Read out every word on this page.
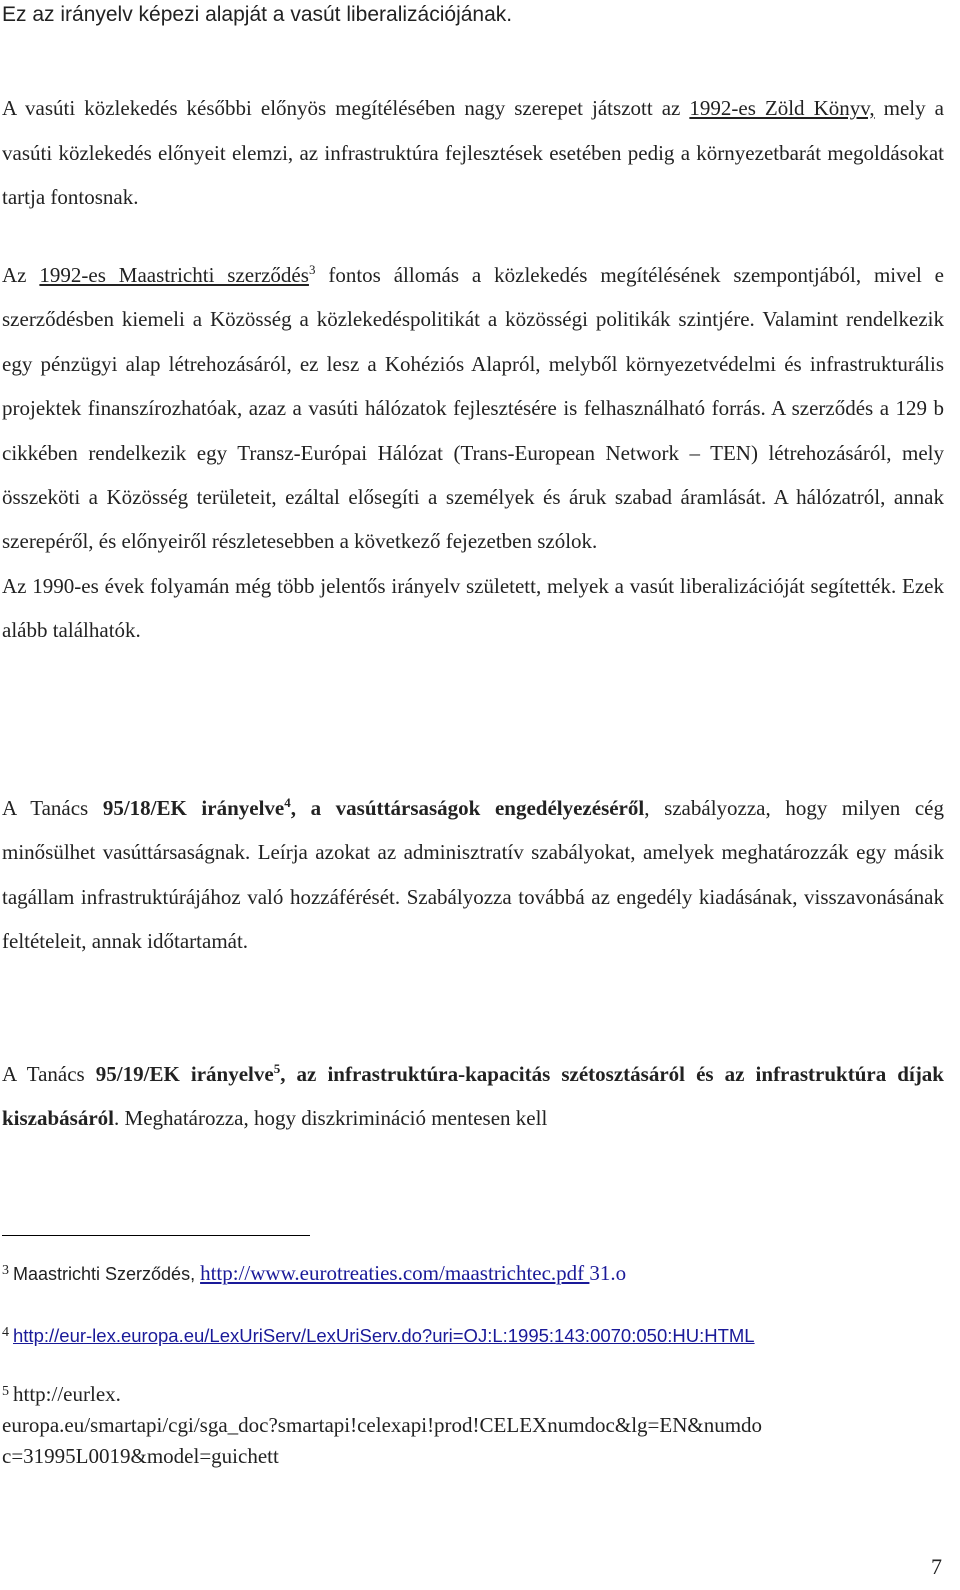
Ez az irányelv képezi alapját a vasút liberalizációjának.

A vasúti közlekedés későbbi előnyös megítélésében nagy szerepet játszott az 1992-es Zöld Könyv, mely a vasúti közlekedés előnyeit elemzi, az infrastruktúra fejlesztések esetében pedig a környezetbarát megoldásokat tartja fontosnak.

Az 1992-es Maastrichti szerződés$^3$ fontos állomás a közlekedés megítélésének szempontjából, mivel e szerződésben kiemeli a Közösség a közlekedéspolitikát a közösségi politikák szintjére. Valamint rendelkezik egy pénzügyi alap létrehozásáról, ez lesz a Kohéziós Alapról, melyből környezetvédelmi és infrastrukturális projektek finanszírozhatóak, azaz a vasúti hálózatok fejlesztésére is felhasználható forrás. A szerződés a 129 b cikkében rendelkezik egy Transz-Európai Hálózat (Trans-European Network – TEN) létrehozásáról, mely összeköti a Közösség területeit, ezáltal elősegíti a személyek és áruk szabad áramlását. A hálózatról, annak szerepéről, és előnyeiről részletesebben a következő fejezetben szólok.
Az 1990-es évek folyamán még több jelentős irányelv született, melyek a vasút liberalizációját segítették. Ezek alább találhatók.

A Tanács 95/18/EK irányelve$^4$, a vasúttársaságok engedélyezéséről, szabályozza, hogy milyen cég minősülhet vasúttársaságnak. Leírja azokat az adminisztratív szabályokat, amelyek meghatározzák egy másik tagállam infrastruktúrájához való hozzáférését. Szabályozza továbbá az engedély kiadásának, visszavonásának feltételeit, annak időtartamát.

A Tanács 95/19/EK irányelve$^5$, az infrastruktúra-kapacitás szétosztásáról és az infrastruktúra díjak kiszabásáról. Meghatározza, hogy diszkrimináció mentesen kell

$^3$ Maastrichti Szerződés, http://www.eurotreaties.com/maastrichtec.pdf 31.o

$^4$ http://eur-lex.europa.eu/LexUriServ/LexUriServ.do?uri=OJ:L:1995:143:0070:050:HU:HTML

$^5$ http://eurlex.
europa.eu/smartapi/cgi/sga_doc?smartapi!celexapi!prod!CELEXnumdoc&lg=EN&numdo
c=31995L0019&model=guichett

7
